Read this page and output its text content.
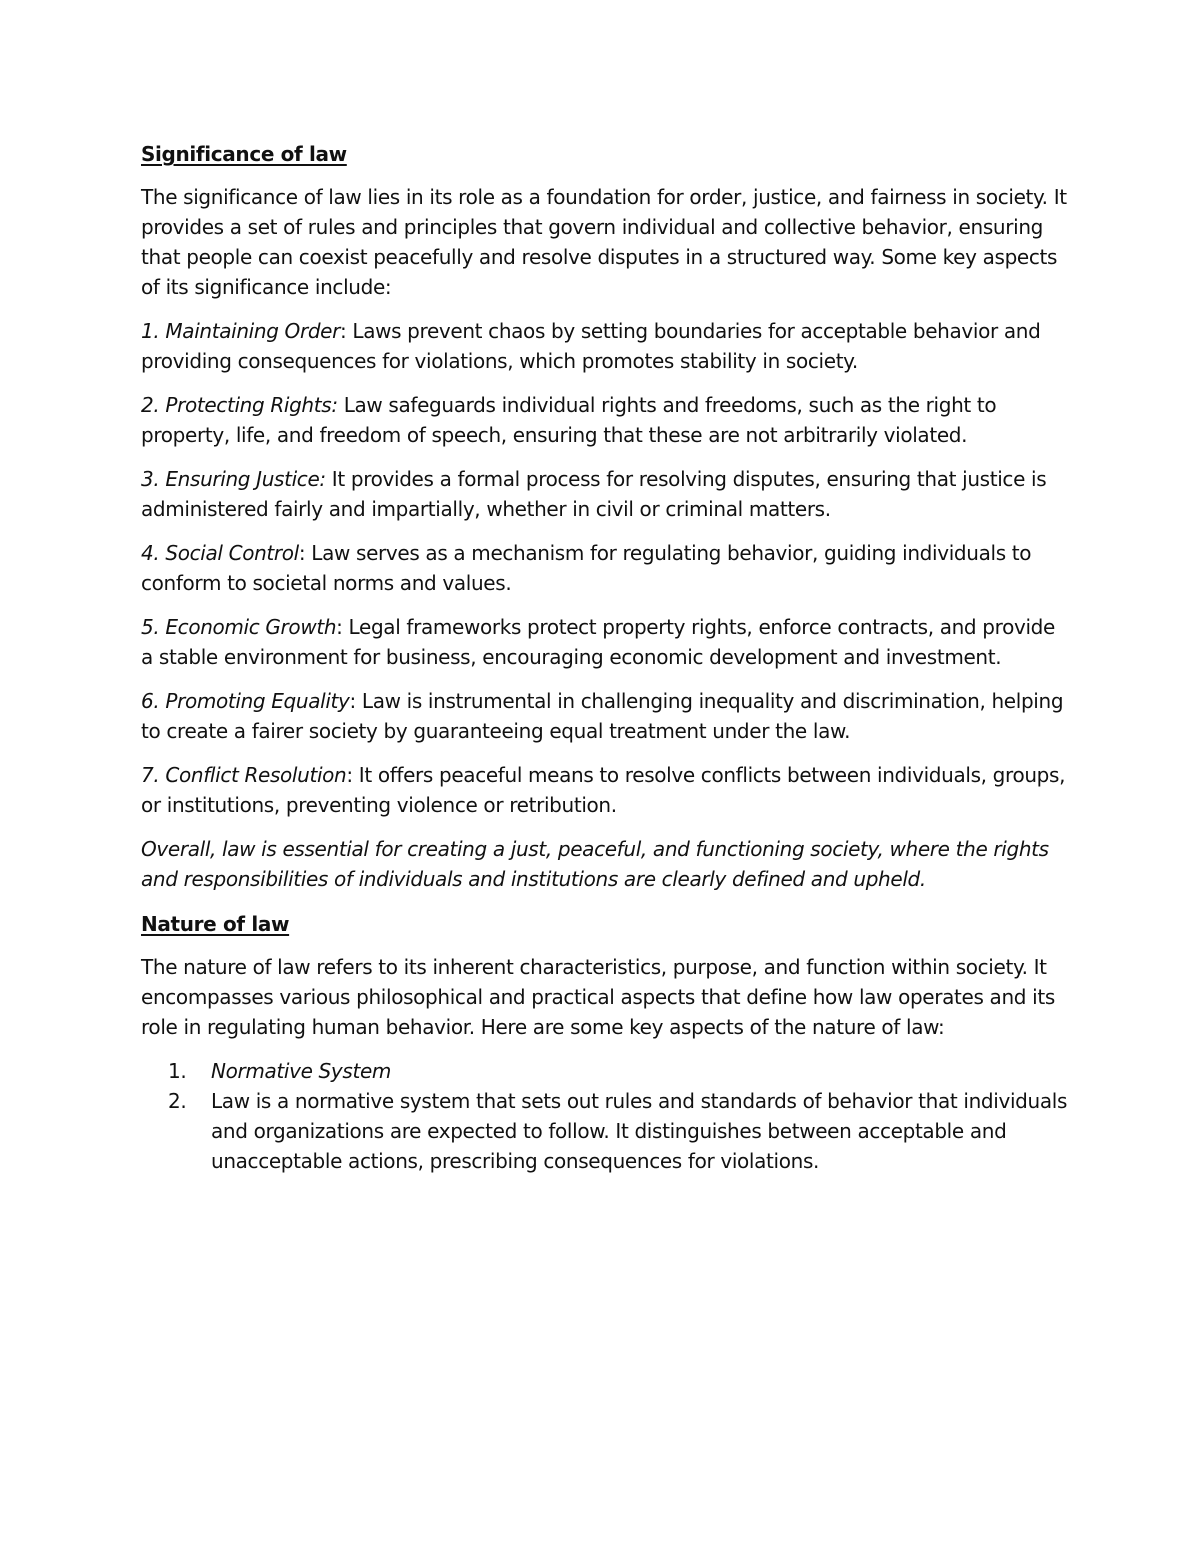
Significance of law

The significance of law lies in its role as a foundation for order, justice, and fairness in society. It provides a set of rules and principles that govern individual and collective behavior, ensuring that people can coexist peacefully and resolve disputes in a structured way. Some key aspects of its significance include:

1. Maintaining Order: Laws prevent chaos by setting boundaries for acceptable behavior and providing consequences for violations, which promotes stability in society.

2. Protecting Rights: Law safeguards individual rights and freedoms, such as the right to property, life, and freedom of speech, ensuring that these are not arbitrarily violated.

3. Ensuring Justice: It provides a formal process for resolving disputes, ensuring that justice is administered fairly and impartially, whether in civil or criminal matters.

4. Social Control: Law serves as a mechanism for regulating behavior, guiding individuals to conform to societal norms and values.

5. Economic Growth: Legal frameworks protect property rights, enforce contracts, and provide a stable environment for business, encouraging economic development and investment.

6. Promoting Equality: Law is instrumental in challenging inequality and discrimination, helping to create a fairer society by guaranteeing equal treatment under the law.

7. Conflict Resolution: It offers peaceful means to resolve conflicts between individuals, groups, or institutions, preventing violence or retribution.

Overall, law is essential for creating a just, peaceful, and functioning society, where the rights and responsibilities of individuals and institutions are clearly defined and upheld.

Nature of law

The nature of law refers to its inherent characteristics, purpose, and function within society. It encompasses various philosophical and practical aspects that define how law operates and its role in regulating human behavior. Here are some key aspects of the nature of law:

1. Normative System
2. Law is a normative system that sets out rules and standards of behavior that individuals and organizations are expected to follow. It distinguishes between acceptable and unacceptable actions, prescribing consequences for violations.
